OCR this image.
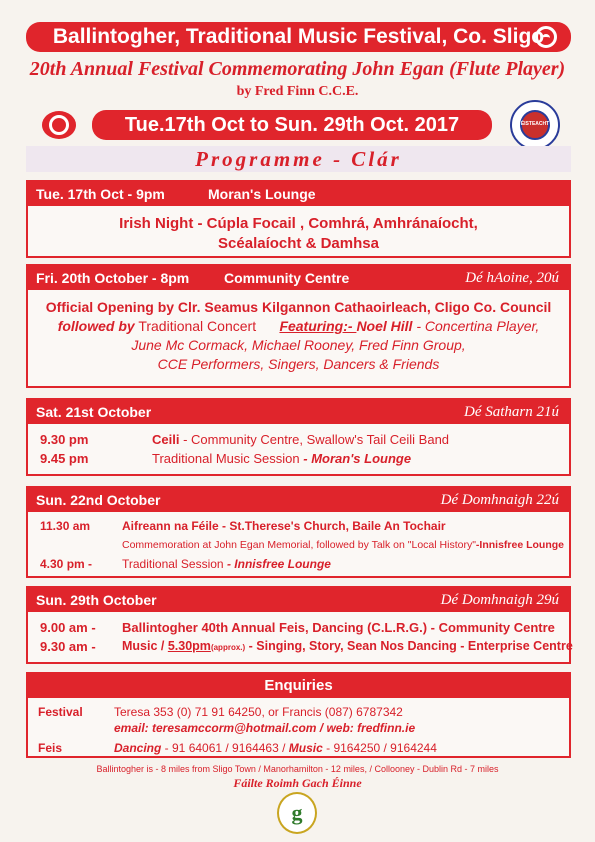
Ballintogher, Traditional Music Festival, Co. Sligo
20th Annual Festival Commemorating John Egan (Flute Player)
by Fred Finn C.C.E.
Tue.17th Oct to Sun. 29th Oct. 2017	ÉISTEACHT
Programme - Clár
Tue. 17th Oct - 9pm	Moran's Lounge
Irish Night - Cúpla Focail , Comhrá, Amhránaíocht,
Scéalaíocht & Damhsa
Fri. 20th October - 8pm Community Centre	Dé hAoine, 20ú
Official Opening by Clr. Seamus Kilgannon Cathaoirleach, Cligo Co. Council
followed by Traditional Concert Featuring:- Noel Hill - Concertina Player,
June Mc Cormack, Michael Rooney, Fred Finn Group,
CCE Performers, Singers, Dancers & Friends
Sat. 21st October	Dé Satharn 21ú
9.30 pm	Ceili - Community Centre, Swallow's Tail Ceili Band
9.45 pm	Traditional Music Session - Moran's Lounge
Sun. 22nd October	Dé Domhnaigh 22ú
11.30 am	Aifreann na Féile - St.Therese's Church, Baile An Tochair
Commemoration at John Egan Memorial, followed by Talk on "Local History"-Innisfree Lounge
4.30 pm - Traditional Session - Innisfree Lounge
Sun. 29th October	Dé Domhnaigh 29ú
9.00 am - Ballintogher 40th Annual Feis, Dancing (C.L.R.G.) - Community Centre
9.30 am - Music / 5.30pm(approx.) - Singing, Story, Sean Nos Dancing - Enterprise Centre
Enquiries
Festival	Teresa 353 (0) 71 91 64250, or Francis (087) 6787342
email: teresamccorm@hotmail.com / web: fredfinn.ie
Feis	Dancing - 91 64061 / 9164463 / Music - 9164250 / 9164244
Ballintogher is - 8 miles from Sligo Town / Manorhamilton - 12 miles, / Collooney - Dublin Rd - 7 miles
Fáilte Roimh Gach Éinne
g
